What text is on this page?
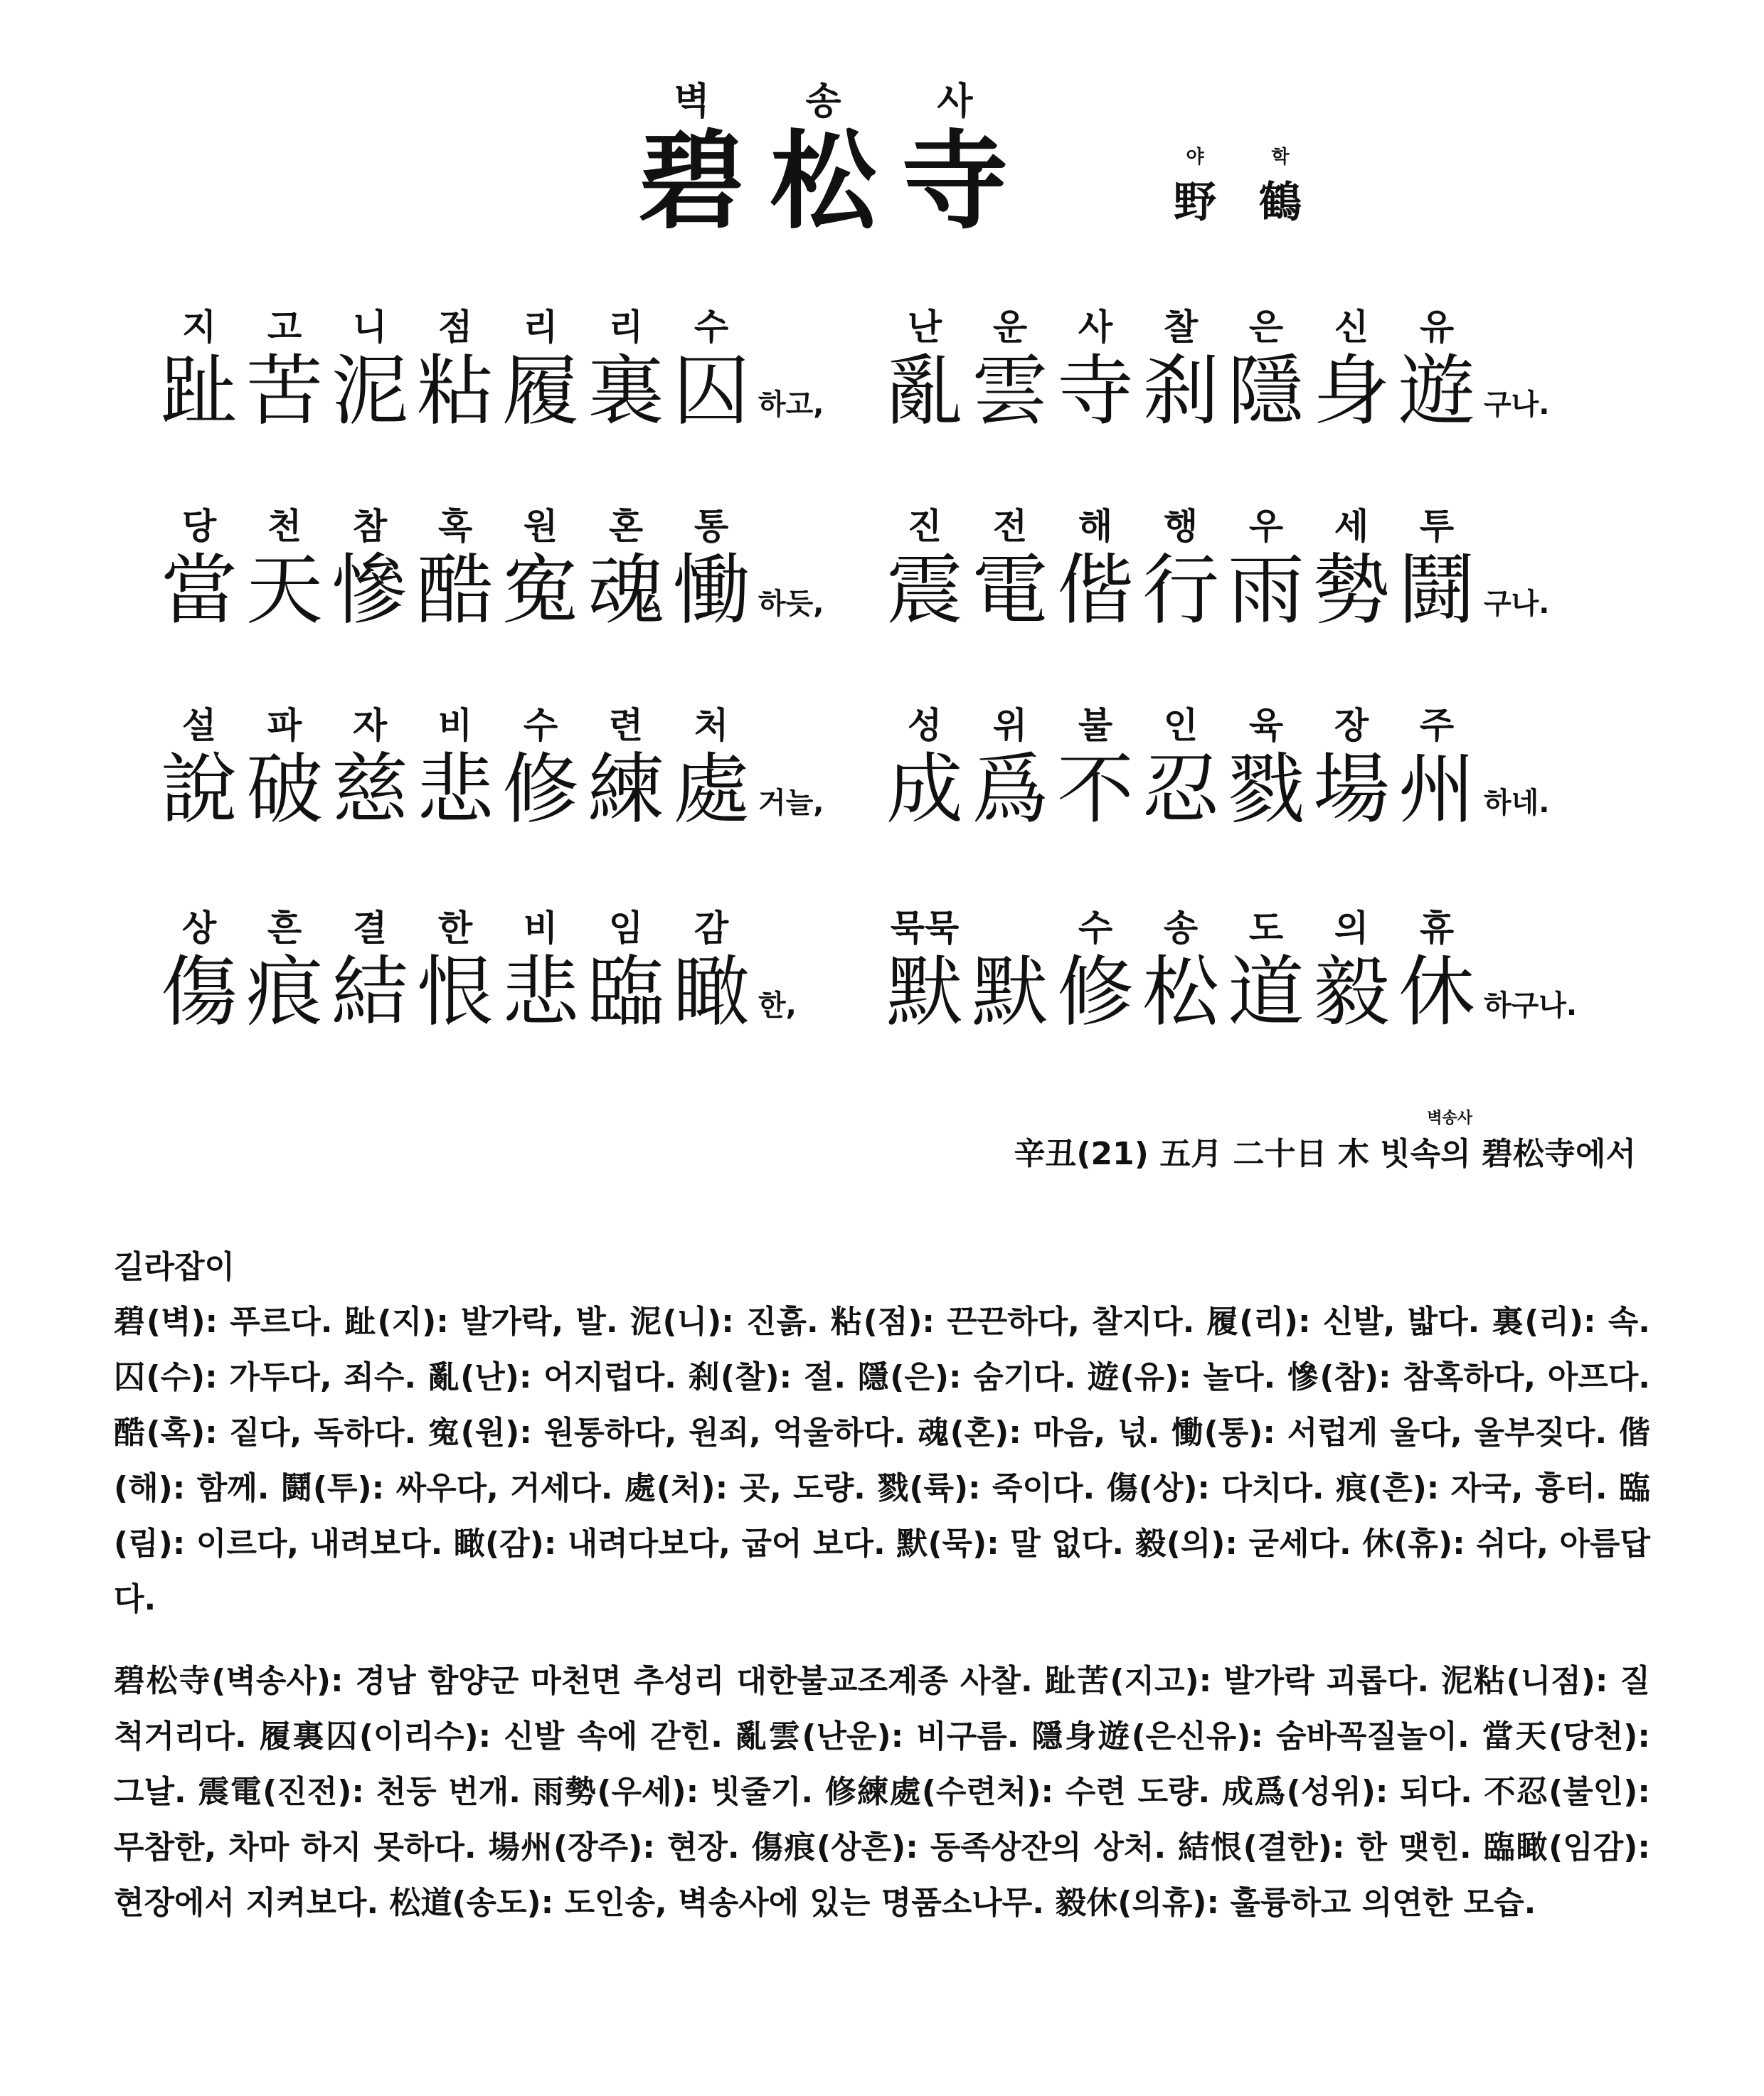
벽	송	사
碧 松 寺	야	학
野	鶴
지	고	니	점	리	리	수
趾 苦 泥 粘 履 裏 囚 하고,
난	운	사	찰	은	신	유
亂 雲 寺 刹 隱 身 遊 구나.
당	천	참	혹	원	혼	통
當 天 慘 酷 寃 魂 慟 하듯,
진	전	해	행	우	세	투
震 電 偕 行 雨 勢 鬪 구나.
설	파	자	비	수	련	처
說 破 慈 悲 修 練 處 거늘,
성	위	불	인	육	장	주
成 爲 不 忍 戮 場 州 하네.
상	흔	결	한	비	임	감
傷 痕 結 恨 悲 臨 瞰 한,
묵묵	수	송	도	의	휴
默 默 修 松 道 毅 休 하구나.
벽송사
辛丑(21) 五月 二十日 木 빗속의 碧松寺에서
길라잡이
碧(벽): 푸르다. 趾(지): 발가락, 발. 泥(니): 진흙. 粘(점): 끈끈하다, 찰지다. 履(리): 신발, 밟다. 裏(리): 속. 囚(수): 가두다, 죄수. 亂(난): 어지럽다. 刹(찰): 절. 隱(은): 숨기다. 遊(유): 놀다. 慘(참): 참혹하다, 아프다. 酷(혹): 짙다, 독하다. 寃(원): 원통하다, 원죄, 억울하다. 魂(혼): 마음, 넋. 慟(통): 서럽게 울다, 울부짖다. 偕(해): 함께. 鬪(투): 싸우다, 거세다. 處(처): 곳, 도량. 戮(륙): 죽이다. 傷(상): 다치다. 痕(흔): 자국, 흉터. 臨(림): 이르다, 내려보다. 瞰(감): 내려다보다, 굽어 보다. 默(묵): 말 없다. 毅(의): 굳세다. 休(휴): 쉬다, 아름답다.
碧松寺(벽송사): 경남 함양군 마천면 추성리 대한불교조계종 사찰. 趾苦(지고): 발가락 괴롭다. 泥粘(니점): 질척거리다. 履裏囚(이리수): 신발 속에 갇힌. 亂雲(난운): 비구름. 隱身遊(은신유): 숨바꼭질놀이. 當天(당천): 그날. 震電(진전): 천둥 번개. 雨勢(우세): 빗줄기. 修練處(수련처): 수련 도량. 成爲(성위): 되다. 不忍(불인): 무참한, 차마 하지 못하다. 場州(장주): 현장. 傷痕(상흔): 동족상잔의 상처. 結恨(결한): 한 맺힌. 臨瞰(임감): 현장에서 지켜보다. 松道(송도): 도인송, 벽송사에 있는 명품소나무. 毅休(의휴): 훌륭하고 의연한 모습.
